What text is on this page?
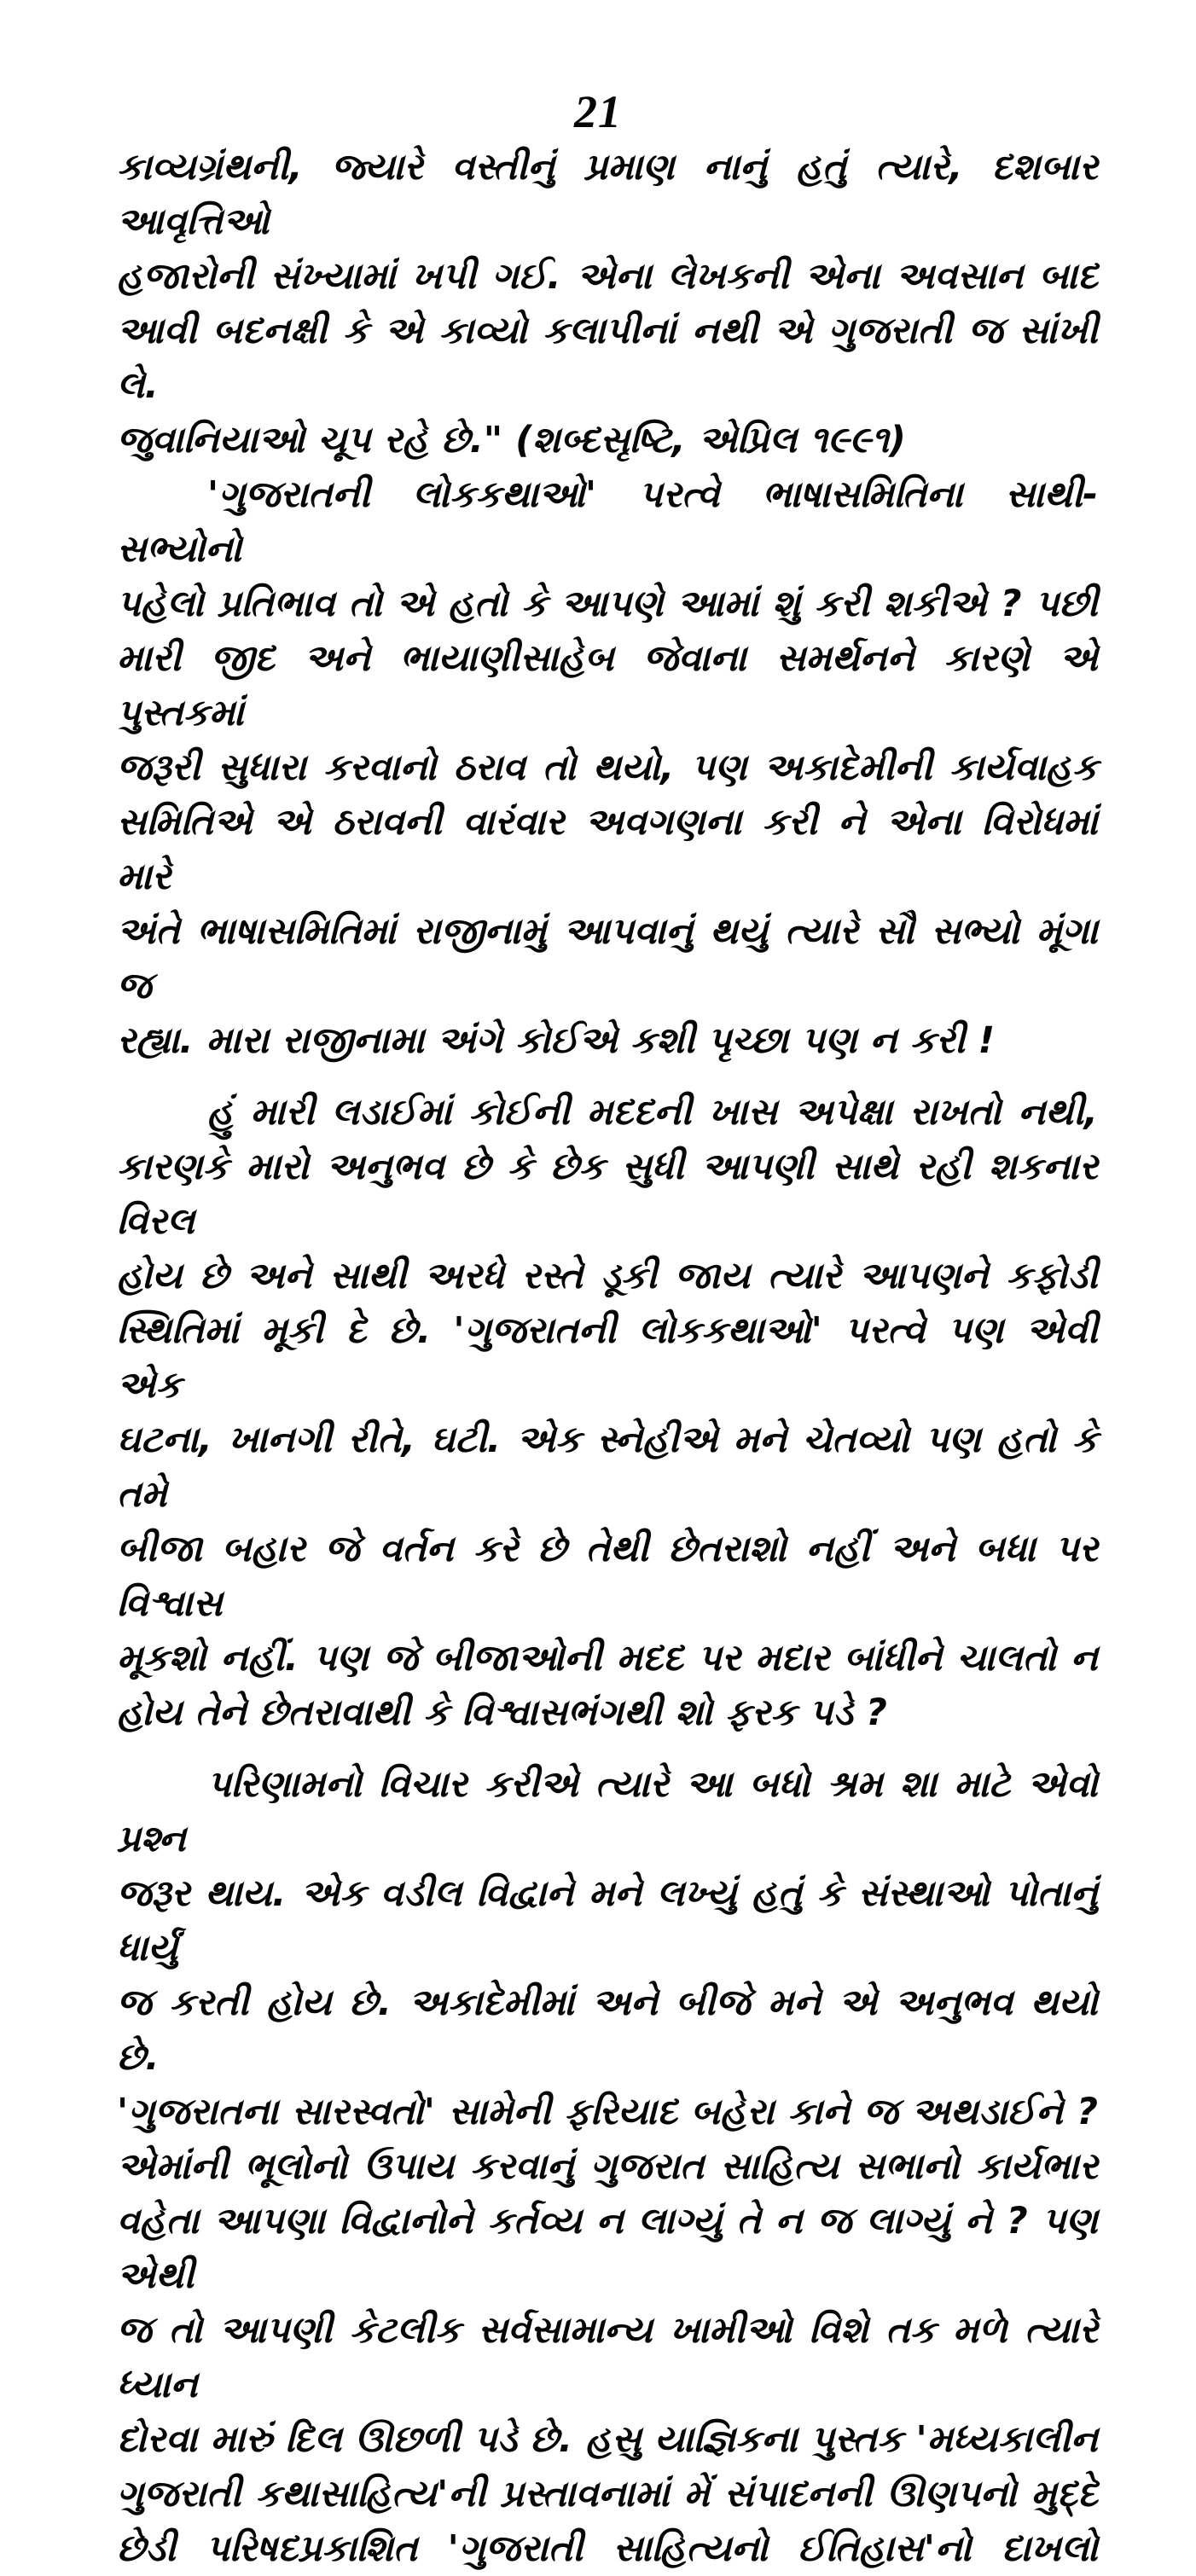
21
કાવ્યગ્રંથની, જ્યારે વસ્તીનું પ્રમાણ નાનું હતું ત્યારે, દશબાર આવૃત્તિઓ
હજારોની સંખ્યામાં ખપી ગઈ. એના લેખકની એના અવસાન બાદ
આવી બદનક્ષી કે એ કાવ્યો કલાપીનાં નથી એ ગુજરાતી જ સાંખી લે.
જુવાનિયાઓ ચૂપ રહે છે." (શબ્દસૃષ્ટિ, એપ્રિલ ૧૯૯૧)
'ગુજરાતની લોકકથાઓ' પરત્વે ભાષાસમિતિના સાથી-સભ્યોનો
પહેલો પ્રતિભાવ તો એ હતો કે આપણે આમાં શું કરી શકીએ ? પછી
મારી જીદ અને ભાયાણીસાહેબ જેવાના સમર્થનને કારણે એ પુસ્તકમાં
જરૂરી સુધારા કરવાનો ઠરાવ તો થયો, પણ અકાદેમીની કાર્યવાહક
સમિતિએ એ ઠરાવની વારંવાર અવગણના કરી ને એના વિરોધમાં મારે
અંતે ભાષાસમિતિમાં રાજીનામું આપવાનું થયું ત્યારે સૌ સભ્યો મૂંગા જ
રહ્યા. મારા રાજીનામા અંગે કોઈએ કશી પૃચ્છા પણ ન કરી !
હું મારી લડાઈમાં કોઈની મદદની ખાસ અપેક્ષા રાખતો નથી,
કારણકે મારો અનુભવ છે કે છેક સુધી આપણી સાથે રહી શકનાર વિરલ
હોય છે અને સાથી અરધે રસ્તે ડૂકી જાય ત્યારે આપણને કફોડી
સ્થિતિમાં મૂકી દે છે. 'ગુજરાતની લોકકથાઓ' પરત્વે પણ એવી એક
ઘટના, ખાનગી રીતે, ઘટી. એક સ્નેહીએ મને ચેતવ્યો પણ હતો કે તમે
બીજા બહાર જે વર્તન કરે છે તેથી છેતરાશો નહીં અને બધા પર વિશ્વાસ
મૂકશો નહીં. પણ જે બીજાઓની મદદ પર મદાર બાંધીને ચાલતો ન
હોય તેને છેતરાવાથી કે વિશ્વાસભંગથી શો ફરક પડે ?
પરિણામનો વિચાર કરીએ ત્યારે આ બધો શ્રમ શા માટે એવો પ્રશ્ન
જરૂર થાય. એક વડીલ વિદ્વાને મને લખ્યું હતું કે સંસ્થાઓ પોતાનું ધાર્યું
જ કરતી હોય છે. અકાદેમીમાં અને બીજે મને એ અનુભવ થયો છે.
'ગુજરાતના સારસ્વતો' સામેની ફરિયાદ બહેરા કાને જ અથડાઈને ?
એમાંની ભૂલોનો ઉપાય કરવાનું ગુજરાત સાહિત્ય સભાનો કાર્યભાર
વહેતા આપણા વિદ્વાનોને કર્તવ્ય ન લાગ્યું તે ન જ લાગ્યું ને ? પણ એથી
જ તો આપણી કેટલીક સર્વસામાન્ય ખામીઓ વિશે તક મળે ત્યારે ધ્યાન
દોરવા મારું દિલ ઊછળી પડે છે. હસુ યાજ્ઞિકના પુસ્તક 'મધ્યકાલીન
ગુજરાતી કથાસાહિત્ય'ની પ્રસ્તાવનામાં મેં સંપાદનની ઊણપનો મુદ્દે
છેડી પરિષદપ્રકાશિત 'ગુજરાતી સાહિત્યનો ઈતિહાસ'નો દાખલો
